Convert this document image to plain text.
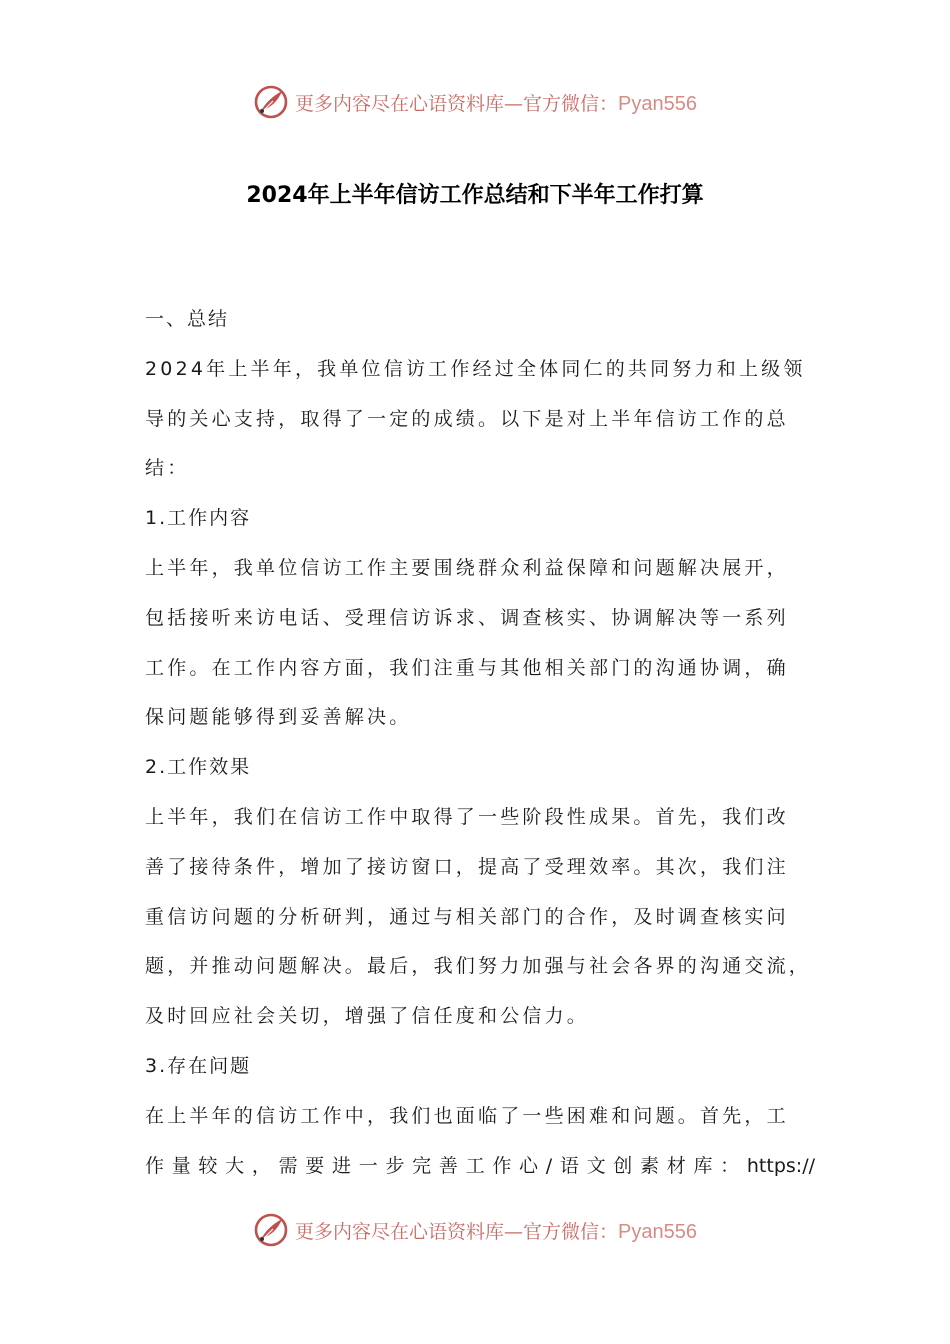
更多内容尽在心语资料库—官方微信：Pyan556
2024年上半年信访工作总结和下半年工作打算
一、总结
2024年上半年，我单位信访工作经过全体同仁的共同努力和上级领
导的关心支持，取得了一定的成绩。以下是对上半年信访工作的总
结：
1.工作内容
上半年，我单位信访工作主要围绕群众利益保障和问题解决展开，
包括接听来访电话、受理信访诉求、调查核实、协调解决等一系列
工作。在工作内容方面，我们注重与其他相关部门的沟通协调，确
保问题能够得到妥善解决。
2.工作效果
上半年，我们在信访工作中取得了一些阶段性成果。首先，我们改
善了接待条件，增加了接访窗口，提高了受理效率。其次，我们注
重信访问题的分析研判，通过与相关部门的合作，及时调查核实问
题，并推动问题解决。最后，我们努力加强与社会各界的沟通交流，
及时回应社会关切，增强了信任度和公信力。
3.存在问题
在上半年的信访工作中，我们也面临了一些困难和问题。首先，工
作量较大，需要进一步完善工作心/语文创素材库：https://
更多内容尽在心语资料库—官方微信：Pyan556
